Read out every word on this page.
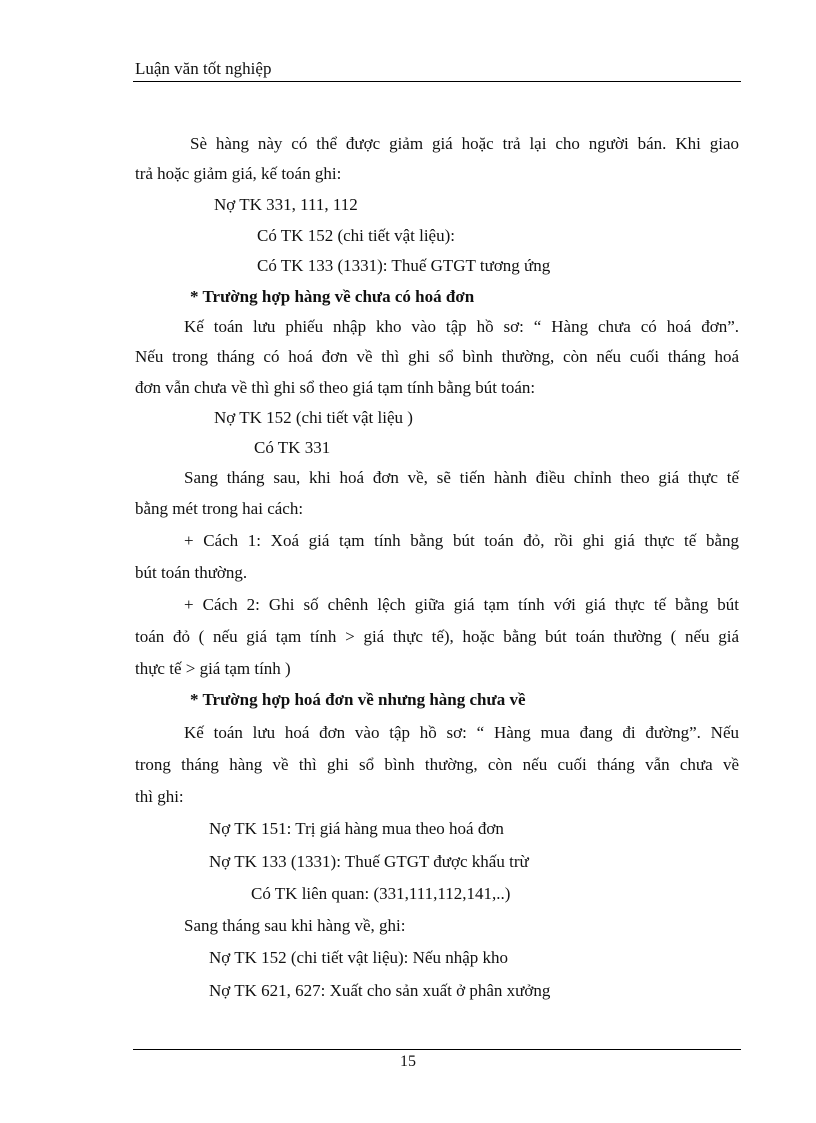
Luận văn tốt nghiệp
Sè hàng này có thể được giảm giá hoặc trả lại cho người bán. Khi giao
trả hoặc giảm giá, kế toán ghi:
Nợ TK 331, 111, 112
Có TK 152 (chi tiết vật liệu):
Có TK 133 (1331): Thuế GTGT tương ứng
* Trường hợp hàng về chưa có hoá đơn
Kế toán lưu phiếu nhập kho vào tập hồ sơ: “ Hàng chưa có hoá đơn”.
Nếu trong tháng có hoá đơn về thì ghi sổ bình thường, còn nếu cuối tháng hoá
đơn vẫn chưa về thì ghi sổ theo giá tạm tính bằng bút toán:
Nợ TK 152 (chi tiết vật liệu )
Có TK 331
Sang tháng sau, khi hoá đơn về, sẽ tiến hành điều chỉnh theo giá thực tế
bằng mét trong hai cách:
+ Cách 1: Xoá giá tạm tính bằng bút toán đỏ, rồi ghi giá thực tế bằng
bút toán thường.
+ Cách 2: Ghi số chênh lệch giữa giá tạm tính với giá thực tế bằng bút
toán đỏ ( nếu giá tạm tính > giá thực tế), hoặc bằng bút toán thường ( nếu giá
thực tế > giá tạm tính )
* Trường hợp hoá đơn về nhưng hàng chưa về
Kế toán lưu hoá đơn vào tập hồ sơ: “ Hàng mua đang đi đường”. Nếu
trong tháng hàng về thì ghi sổ bình thường, còn nếu cuối tháng vẫn chưa về
thì ghi:
Nợ TK 151: Trị giá hàng mua theo hoá đơn
Nợ TK 133 (1331): Thuế GTGT được khấu trừ
Có TK liên quan: (331,111,112,141,..)
Sang tháng sau khi hàng về, ghi:
Nợ TK 152 (chi tiết vật liệu): Nếu nhập kho
Nợ TK 621, 627: Xuất cho sản xuất ở phân xưởng
15
